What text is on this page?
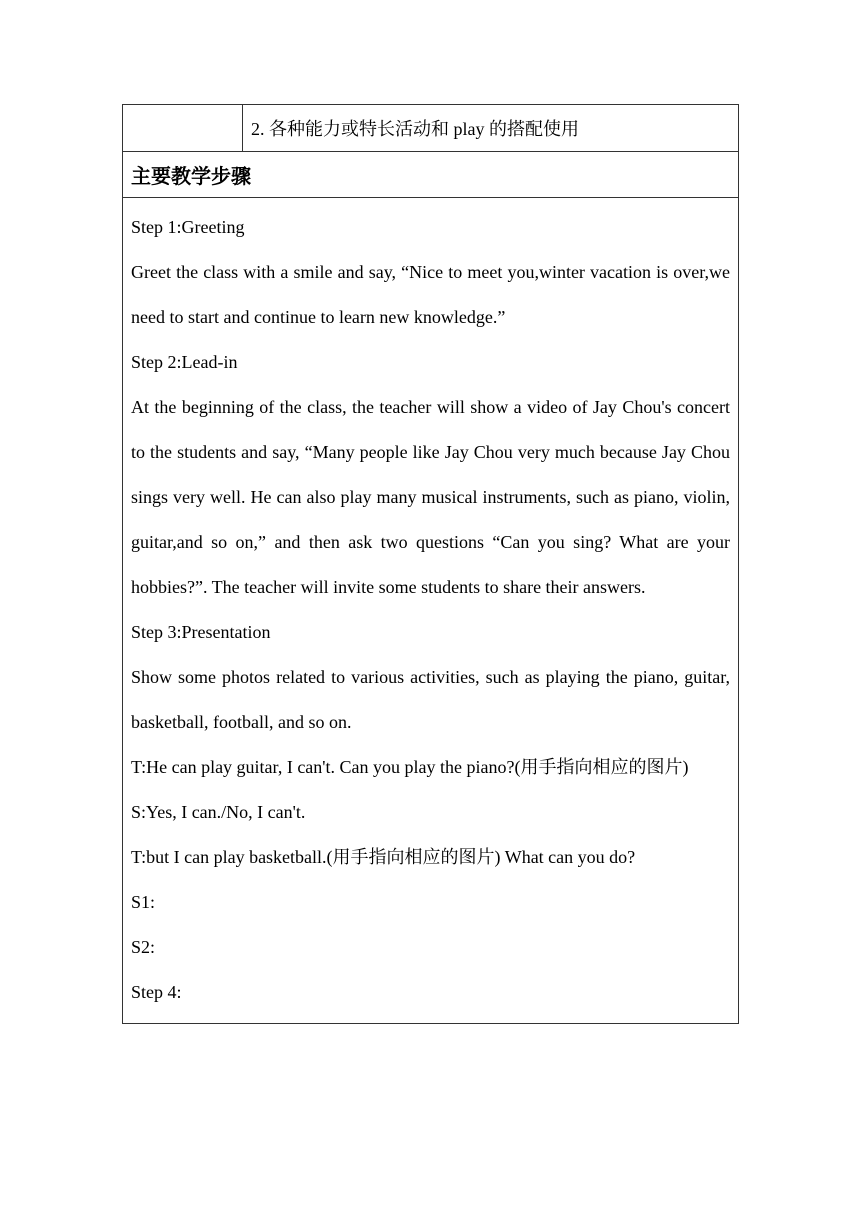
2. 各种能力或特长活动和 play 的搭配使用
主要教学步骤

Step 1:Greeting

Greet the class with a smile and say, “Nice to meet you,winter vacation is over,we need to start and continue to learn new knowledge.”

Step 2:Lead-in

At the beginning of the class, the teacher will show a video of Jay Chou's concert to the students and say, “Many people like Jay Chou very much because Jay Chou sings very well. He can also play many musical instruments, such as piano, violin, guitar,and so on,” and then ask two questions “Can you sing? What are your hobbies?”. The teacher will invite some students to share their answers.

Step 3:Presentation

Show some photos related to various activities, such as playing the piano, guitar, basketball, football, and so on.

T:He can play guitar, I can't. Can you play the piano?(用手指向相应的图片)

S:Yes, I can./No, I can't.

T:but I can play basketball.(用手指向相应的图片) What can you do?

S1:

S2:

Step 4:
